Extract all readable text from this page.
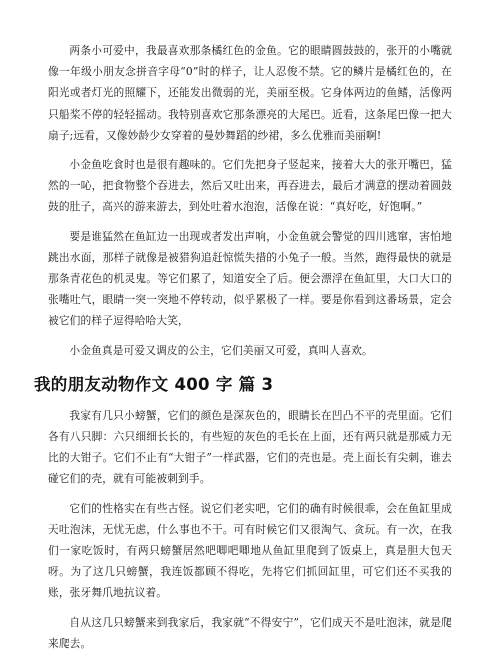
两条小可爱中，我最喜欢那条橘红色的金鱼。它的眼睛圆鼓鼓的，张开的小嘴就像一年级小朋友念拼音字母“0”时的样子，让人忍俊不禁。它的鳞片是橘红色的，在阳光或者灯光的照耀下，还能发出微弱的光，美丽至极。它身体两边的鱼鳍，活像两只船桨不停的轻轻摇动。我特别喜欢它那条漂亮的大尾巴。近看，这条尾巴像一把大扇子;远看，又像妙龄少女穿着的曼妙舞蹈的纱裙，多么优雅而美丽啊!

小金鱼吃食时也是很有趣味的。它们先把身子竖起来，接着大大的张开嘴巴，猛然的一吣，把食物整个吞进去，然后又吐出来，再吞进去，最后才满意的摆动着圆鼓鼓的肚子，高兴的游来游去，到处吐着水泡泡，活像在说：“真好吃，好饱啊。”

要是谁猛然在鱼缸边一出现或者发出声响，小金鱼就会警觉的四川逃窜，害怕地跳出水面，那样子就像是被猎狗追赶惊慌失措的小兔子一般。当然，跑得最快的就是那条青花色的机灵鬼。等它们累了，知道安全了后。便会漂浮在鱼缸里，大口大口的张嘴吐气，眼睛一突一突地不停转动，似乎累极了一样。要是你看到这番场景，定会被它们的样子逗得哈哈大笑，

小金鱼真是可爱又调皮的公主，它们美丽又可爱，真叫人喜欢。

我的朋友动物作文 400 字 篇 3

我家有几只小螃蟹，它们的颜色是深灰色的，眼睛长在凹凸不平的壳里面。它们各有八只脚：六只细细长长的，有些短的灰色的毛长在上面，还有两只就是那威力无比的大钳子。它们不止有“大钳子”一样武器，它们的壳也是。壳上面长有尖刺，谁去碰它们的壳，就有可能被刺到手。

它们的性格实在有些古怪。说它们老实吧，它们的确有时候很乖，会在鱼缸里成天吐泡沫，无忧无虑，什么事也不干。可有时候它们又很淘气、贪玩。有一次，在我们一家吃饭时，有两只螃蟹居然吧唧吧唧地从鱼缸里爬到了饭桌上，真是胆大包天呀。为了这几只螃蟹，我连饭都顾不得吃，先将它们抓回缸里，可它们还不买我的账，张牙舞爪地抗议着。

自从这几只螃蟹来到我家后，我家就“不得安宁”，它们成天不是吐泡沫，就是爬来爬去。
